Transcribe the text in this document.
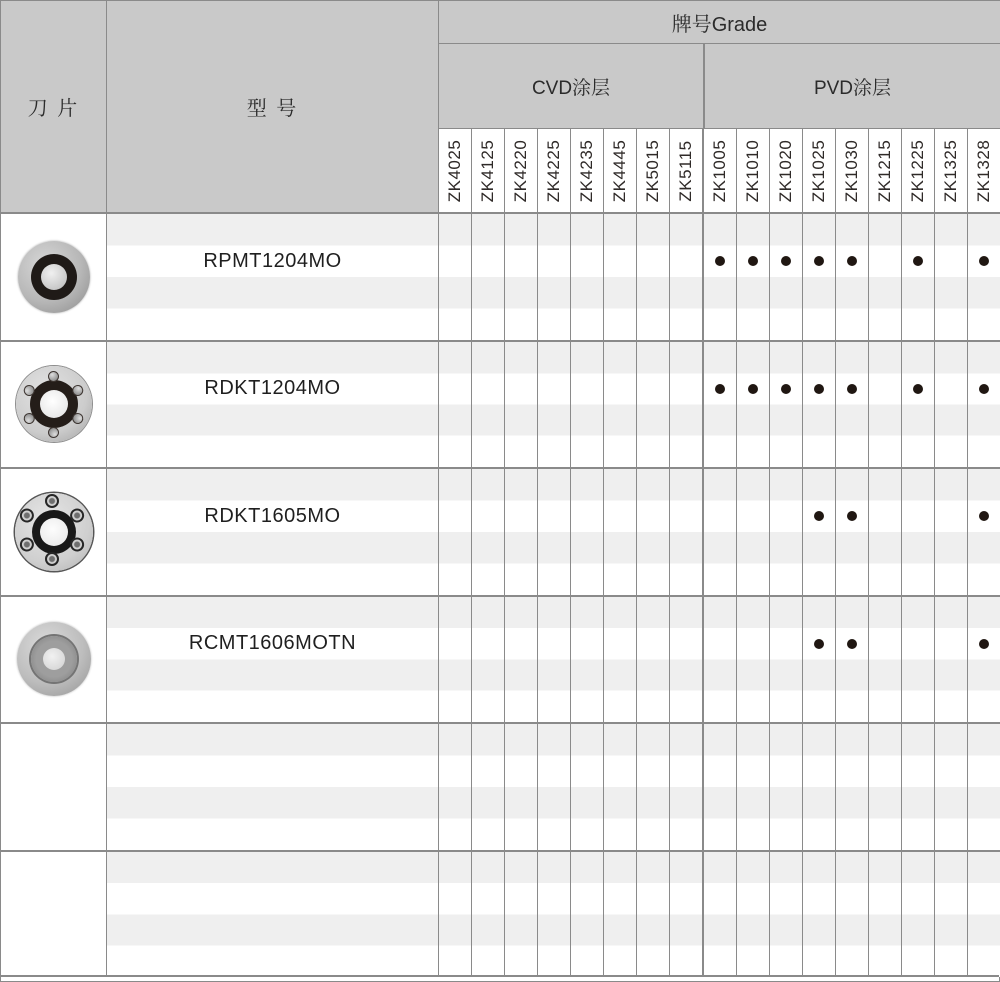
刀 片	型 号
牌号Grade
CVD涂层	PVD涂层
ZK4025 ZK4125 ZK4220 ZK4225 ZK4235 ZK4445 ZK5015 ZK5115 ZK1005 ZK1010 ZK1020 ZK1025 ZK1030 ZK1215 ZK1225 ZK1325 ZK1328
RPMT1204MO
RDKT1204MO
RDKT1605MO
RCMT1606MOTN
